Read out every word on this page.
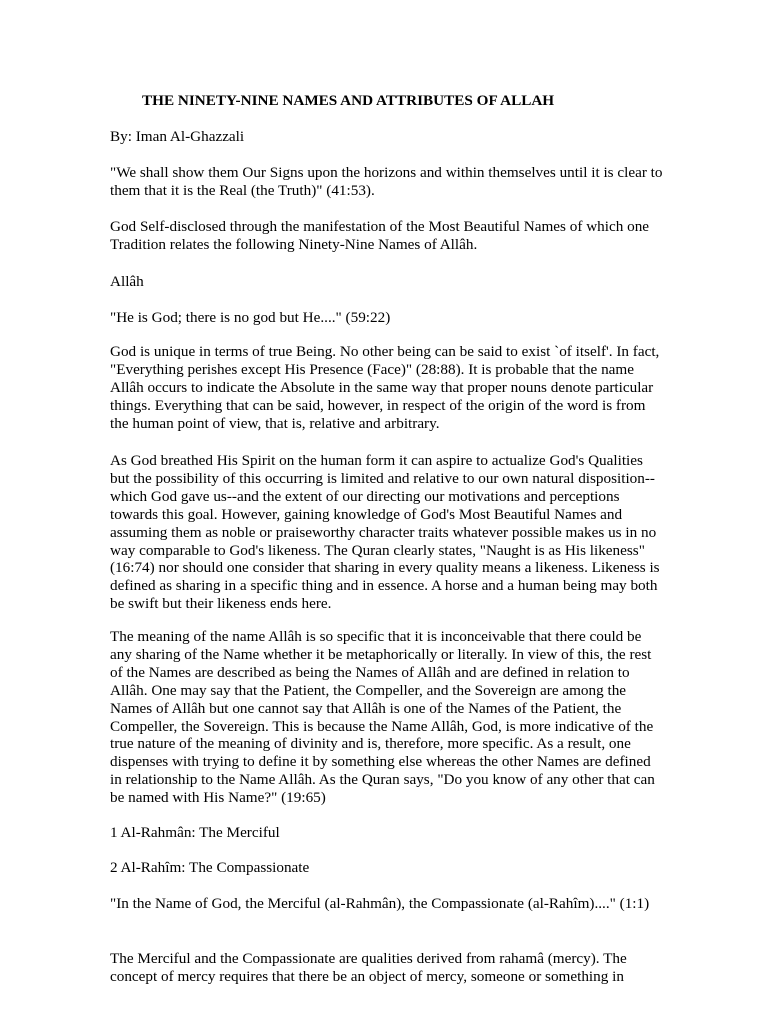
THE NINETY-NINE NAMES AND ATTRIBUTES OF ALLAH

By: Iman Al-Ghazzali

"We shall show them Our Signs upon the horizons and within themselves until it is clear to them that it is the Real (the Truth)" (41:53).

God Self-disclosed through the manifestation of the Most Beautiful Names of which one Tradition relates the following Ninety-Nine Names of Allâh.

Allâh

"He is God; there is no god but He...." (59:22)

God is unique in terms of true Being. No other being can be said to exist `of itself'. In fact, "Everything perishes except His Presence (Face)" (28:88). It is probable that the name Allâh occurs to indicate the Absolute in the same way that proper nouns denote particular things. Everything that can be said, however, in respect of the origin of the word is from the human point of view, that is, relative and arbitrary.

As God breathed His Spirit on the human form it can aspire to actualize God's Qualities but the possibility of this occurring is limited and relative to our own natural disposition--which God gave us--and the extent of our directing our motivations and perceptions towards this goal. However, gaining knowledge of God's Most Beautiful Names and assuming them as noble or praiseworthy character traits whatever possible makes us in no way comparable to God's likeness. The Quran clearly states, "Naught is as His likeness" (16:74) nor should one consider that sharing in every quality means a likeness. Likeness is defined as sharing in a specific thing and in essence. A horse and a human being may both be swift but their likeness ends here.

The meaning of the name Allâh is so specific that it is inconceivable that there could be any sharing of the Name whether it be metaphorically or literally. In view of this, the rest of the Names are described as being the Names of Allâh and are defined in relation to Allâh. One may say that the Patient, the Compeller, and the Sovereign are among the Names of Allâh but one cannot say that Allâh is one of the Names of the Patient, the Compeller, the Sovereign. This is because the Name Allâh, God, is more indicative of the true nature of the meaning of divinity and is, therefore, more specific. As a result, one dispenses with trying to define it by something else whereas the other Names are defined in relationship to the Name Allâh. As the Quran says, "Do you know of any other that can be named with His Name?" (19:65)

1 Al-Rahmân: The Merciful

2 Al-Rahîm: The Compassionate

"In the Name of God, the Merciful (al-Rahmân), the Compassionate (al-Rahîm)...." (1:1)

The Merciful and the Compassionate are qualities derived from rahamâ (mercy). The concept of mercy requires that there be an object of mercy, someone or something in
